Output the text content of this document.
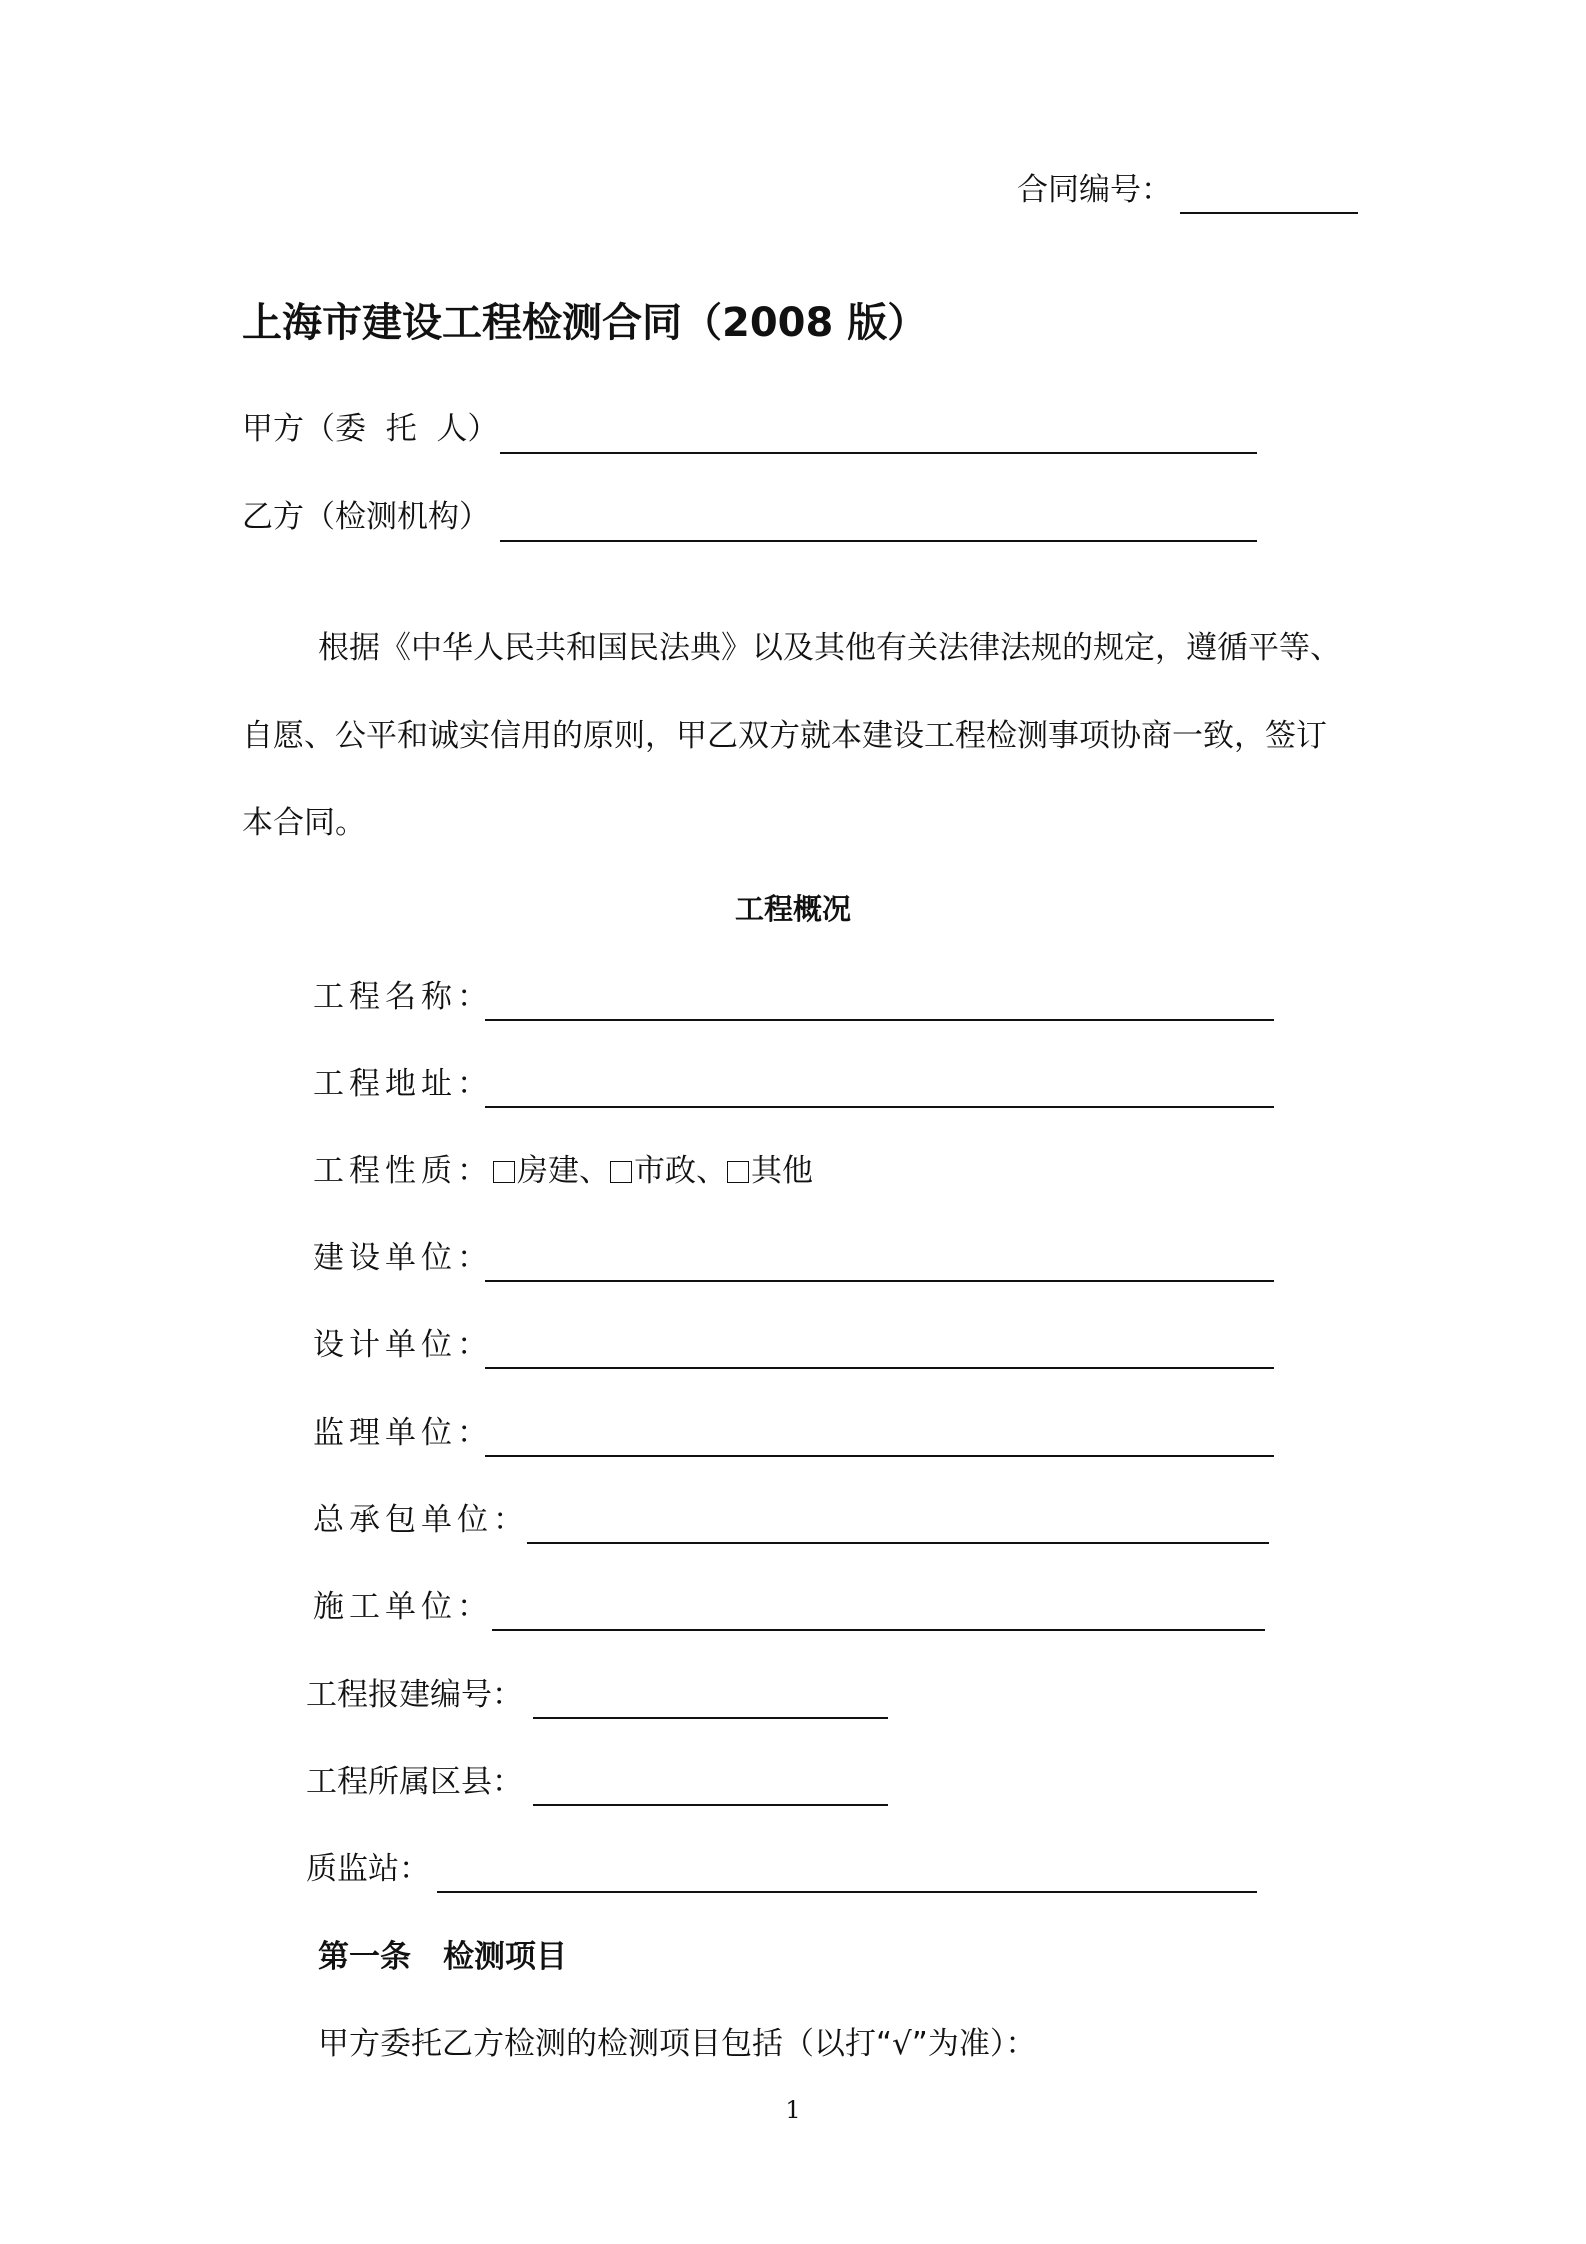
合同编号：
上海市建设工程检测合同（2008 版）
甲方（委  托  人）
乙方（检测机构）
根据《中华人民共和国民法典》以及其他有关法律法规的规定，遵循平等、
自愿、公平和诚实信用的原则，甲乙双方就本建设工程检测事项协商一致，签订
本合同。
工程概况
工程名称：
工程地址：
工程性质： 房建、 市政、 其他
建设单位：
设计单位：
监理单位：
总承包单位：
施工单位：
工程报建编号：
工程所属区县：
质监站：
第一条 检测项目
甲方委托乙方检测的检测项目包括（以打“√”为准）：
1
